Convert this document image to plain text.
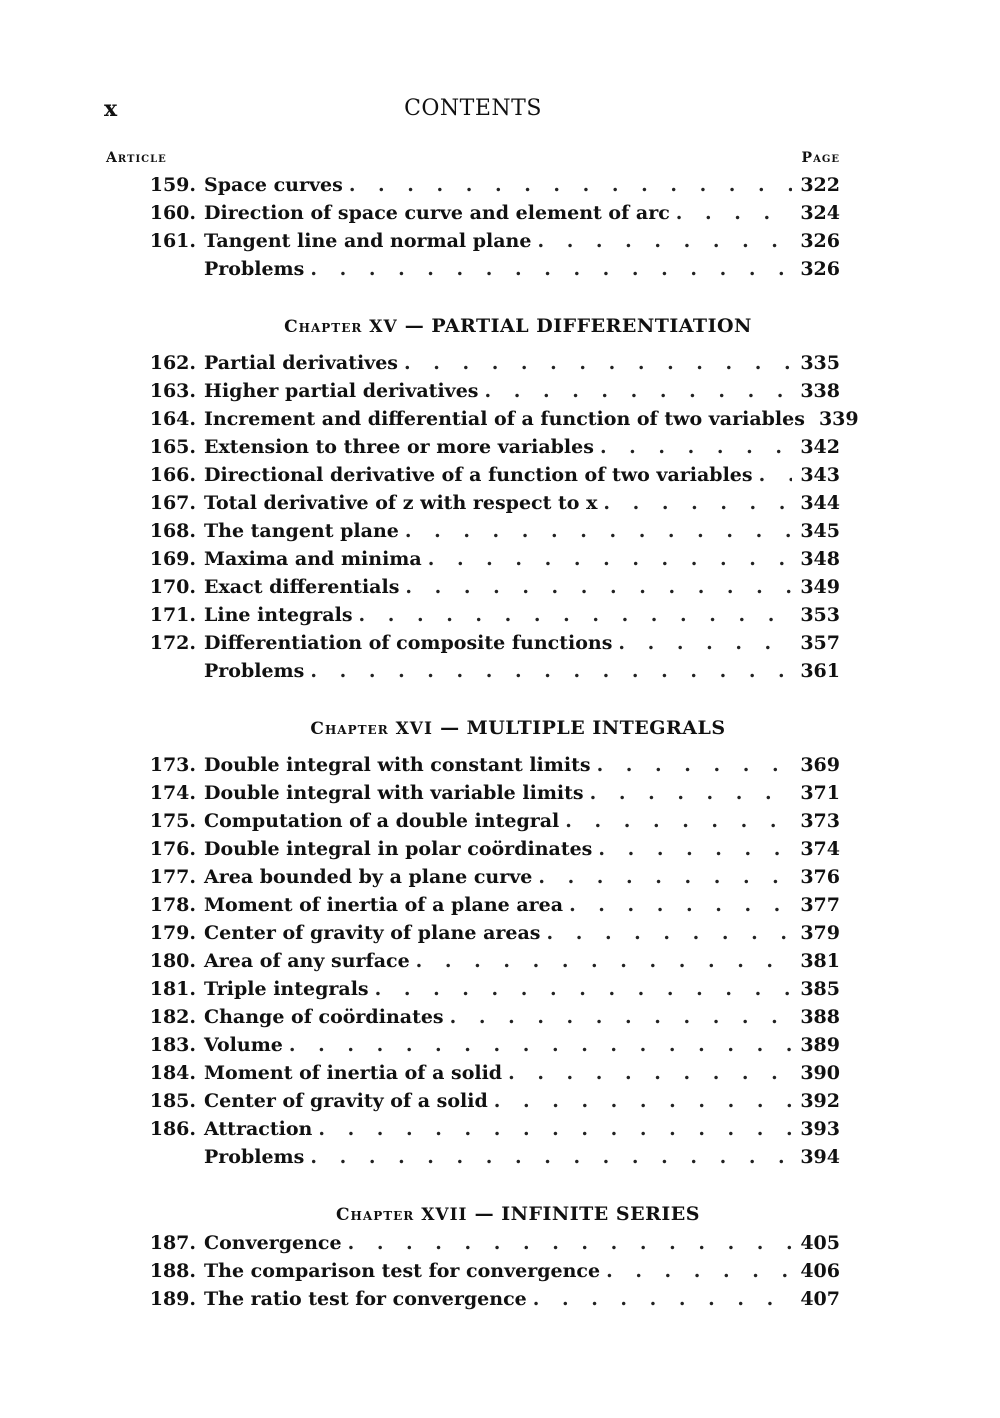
x	CONTENTS
Article	Page
159. Space curves . . .	322
160. Direction of space curve and element of arc . . .	324
161. Tangent line and normal plane . . .	326
Problems . . .	326
Chapter XV — PARTIAL DIFFERENTIATION
162. Partial derivatives . . .	335
163. Higher partial derivatives . . .	338
164. Increment and differential of a function of two variables 339
165. Extension to three or more variables . . .	342
166. Directional derivative of a function of two variables . . .	343
167. Total derivative of z with respect to x . . .	344
168. The tangent plane . . .	345
169. Maxima and minima . . .	348
170. Exact differentials . . .	349
171. Line integrals . . .	353
172. Differentiation of composite functions . . .	357
Problems . . .	361
Chapter XVI — MULTIPLE INTEGRALS
173. Double integral with constant limits . . .	369
174. Double integral with variable limits . . .	371
175. Computation of a double integral . . .	373
176. Double integral in polar coördinates . . .	374
177. Area bounded by a plane curve . . .	376
178. Moment of inertia of a plane area . . .	377
179. Center of gravity of plane areas . . .	379
180. Area of any surface . . .	381
181. Triple integrals . . .	385
182. Change of coördinates . . .	388
183. Volume . . .	389
184. Moment of inertia of a solid . . .	390
185. Center of gravity of a solid . . .	392
186. Attraction . . .	393
Problems . . .	394
Chapter XVII — INFINITE SERIES
187. Convergence . . .	405
188. The comparison test for convergence . . .	406
189. The ratio test for convergence . . .	407
